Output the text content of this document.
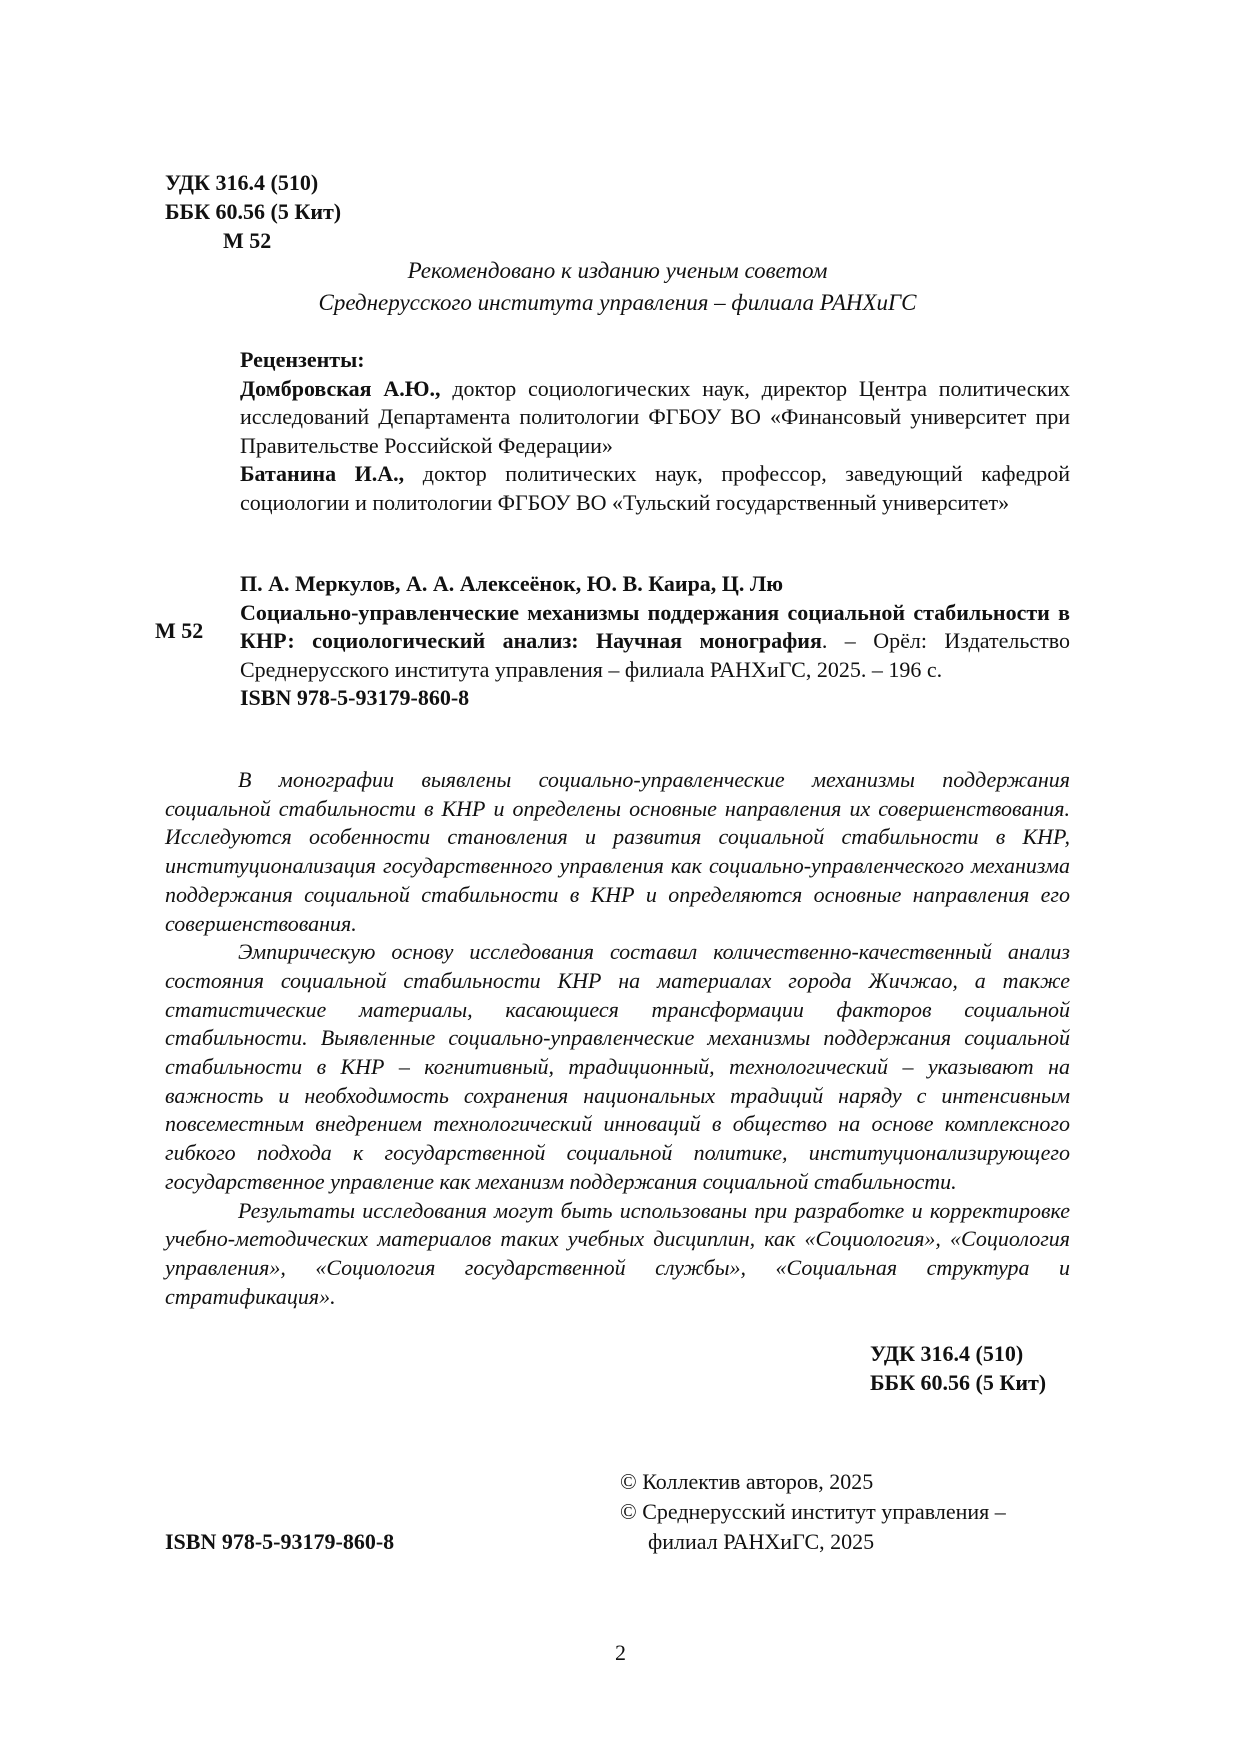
УДК 316.4 (510)
ББК 60.56 (5 Кит)
М 52
Рекомендовано к изданию ученым советом
Среднерусского института управления – филиала РАНХиГС
Рецензенты:

Домбровская А.Ю., доктор социологических наук, директор Центра политических исследований Департамента политологии ФГБОУ ВО «Финансовый университет при Правительстве Российской Федерации»

Батанина И.А., доктор политических наук, профессор, заведующий кафедрой социологии и политологии ФГБОУ ВО «Тульский государственный университет»

М 52
П. А. Меркулов, А. А. Алексеёнок, Ю. В. Каира, Ц. Лю

Социально-управленческие механизмы поддержания социальной стабильности в КНР: социологический анализ: Научная монография. – Орёл: Издательство Среднерусского института управления – филиала РАНХиГС, 2025. – 196 с.

ISBN 978-5-93179-860-8

В монографии выявлены социально-управленческие механизмы поддержания социальной стабильности в КНР и определены основные направления их совершенствования. Исследуются особенности становления и развития социальной стабильности в КНР, институционализация государственного управления как социально-управленческого механизма поддержания социальной стабильности в КНР и определяются основные направления его совершенствования.

Эмпирическую основу исследования составил количественно-качественный анализ состояния социальной стабильности КНР на материалах города Жичжао, а также статистические материалы, касающиеся трансформации факторов социальной стабильности. Выявленные социально-управленческие механизмы поддержания социальной стабильности в КНР – когнитивный, традиционный, технологический – указывают на важность и необходимость сохранения национальных традиций наряду с интенсивным повсеместным внедрением технологический инноваций в общество на основе комплексного гибкого подхода к государственной социальной политике, институционализирующего государственное управление как механизм поддержания социальной стабильности.

Результаты исследования могут быть использованы при разработке и корректировке учебно-методических материалов таких учебных дисциплин, как «Социология», «Социология управления», «Социология государственной службы», «Социальная структура и стратификация».

УДК 316.4 (510)
ББК 60.56 (5 Кит)
© Коллектив авторов, 2025
© Среднерусский институт управления –
филиал РАНХиГС, 2025
ISBN 978-5-93179-860-8
2
